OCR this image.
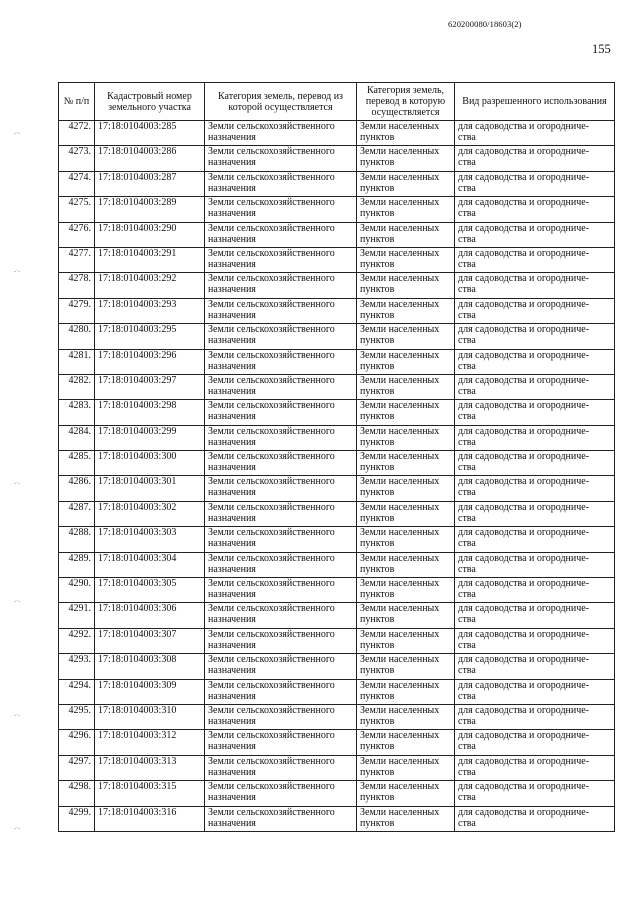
620200080/18603(2)
155
-·-
-·-
-·-
-·-
-·-
-·-
№ п/п	Кадастровый номер земельного участка	Категория земель, перевод из которой осуществляется	Категория земель, перевод в которую осуществляется	Вид разрешенного использования
4272.	17:18:0104003:285	Земли сельскохозяйственного
назначения	Земли населенных
пунктов	для садоводства и огородниче-
ства

4273.	17:18:0104003:286	Земли сельскохозяйственного
назначения	Земли населенных
пунктов	для садоводства и огородниче-
ства

4274.	17:18:0104003:287	Земли сельскохозяйственного
назначения	Земли населенных
пунктов	для садоводства и огородниче-
ства

4275.	17:18:0104003:289	Земли сельскохозяйственного
назначения	Земли населенных
пунктов	для садоводства и огородниче-
ства

4276.	17:18:0104003:290	Земли сельскохозяйственного
назначения	Земли населенных
пунктов	для садоводства и огородниче-
ства

4277.	17:18:0104003:291	Земли сельскохозяйственного
назначения	Земли населенных
пунктов	для садоводства и огородниче-
ства

4278.	17:18:0104003:292	Земли сельскохозяйственного
назначения	Земли населенных
пунктов	для садоводства и огородниче-
ства

4279.	17:18:0104003:293	Земли сельскохозяйственного
назначения	Земли населенных
пунктов	для садоводства и огородниче-
ства

4280.	17:18:0104003:295	Земли сельскохозяйственного
назначения	Земли населенных
пунктов	для садоводства и огородниче-
ства

4281.	17:18:0104003:296	Земли сельскохозяйственного
назначения	Земли населенных
пунктов	для садоводства и огородниче-
ства

4282.	17:18:0104003:297	Земли сельскохозяйственного
назначения	Земли населенных
пунктов	для садоводства и огородниче-
ства

4283.	17:18:0104003:298	Земли сельскохозяйственного
назначения	Земли населенных
пунктов	для садоводства и огородниче-
ства

4284.	17:18:0104003:299	Земли сельскохозяйственного
назначения	Земли населенных
пунктов	для садоводства и огородниче-
ства

4285.	17:18:0104003:300	Земли сельскохозяйственного
назначения	Земли населенных
пунктов	для садоводства и огородниче-
ства

4286.	17:18:0104003:301	Земли сельскохозяйственного
назначения	Земли населенных
пунктов	для садоводства и огородниче-
ства

4287.	17:18:0104003:302	Земли сельскохозяйственного
назначения	Земли населенных
пунктов	для садоводства и огородниче-
ства

4288.	17:18:0104003:303	Земли сельскохозяйственного
назначения	Земли населенных
пунктов	для садоводства и огородниче-
ства

4289.	17:18:0104003:304	Земли сельскохозяйственного
назначения	Земли населенных
пунктов	для садоводства и огородниче-
ства

4290.	17:18:0104003:305	Земли сельскохозяйственного
назначения	Земли населенных
пунктов	для садоводства и огородниче-
ства

4291.	17:18:0104003:306	Земли сельскохозяйственного
назначения	Земли населенных
пунктов	для садоводства и огородниче-
ства

4292.	17:18:0104003:307	Земли сельскохозяйственного
назначения	Земли населенных
пунктов	для садоводства и огородниче-
ства

4293.	17:18:0104003:308	Земли сельскохозяйственного
назначения	Земли населенных
пунктов	для садоводства и огородниче-
ства

4294.	17:18:0104003:309	Земли сельскохозяйственного
назначения	Земли населенных
пунктов	для садоводства и огородниче-
ства

4295.	17:18:0104003:310	Земли сельскохозяйственного
назначения	Земли населенных
пунктов	для садоводства и огородниче-
ства

4296.	17:18:0104003:312	Земли сельскохозяйственного
назначения	Земли населенных
пунктов	для садоводства и огородниче-
ства

4297.	17:18:0104003:313	Земли сельскохозяйственного
назначения	Земли населенных
пунктов	для садоводства и огородниче-
ства

4298.	17:18:0104003:315	Земли сельскохозяйственного
назначения	Земли населенных
пунктов	для садоводства и огородниче-
ства

4299.	17:18:0104003:316	Земли сельскохозяйственного
назначения	Земли населенных
пунктов	для садоводства и огородниче-
ства
